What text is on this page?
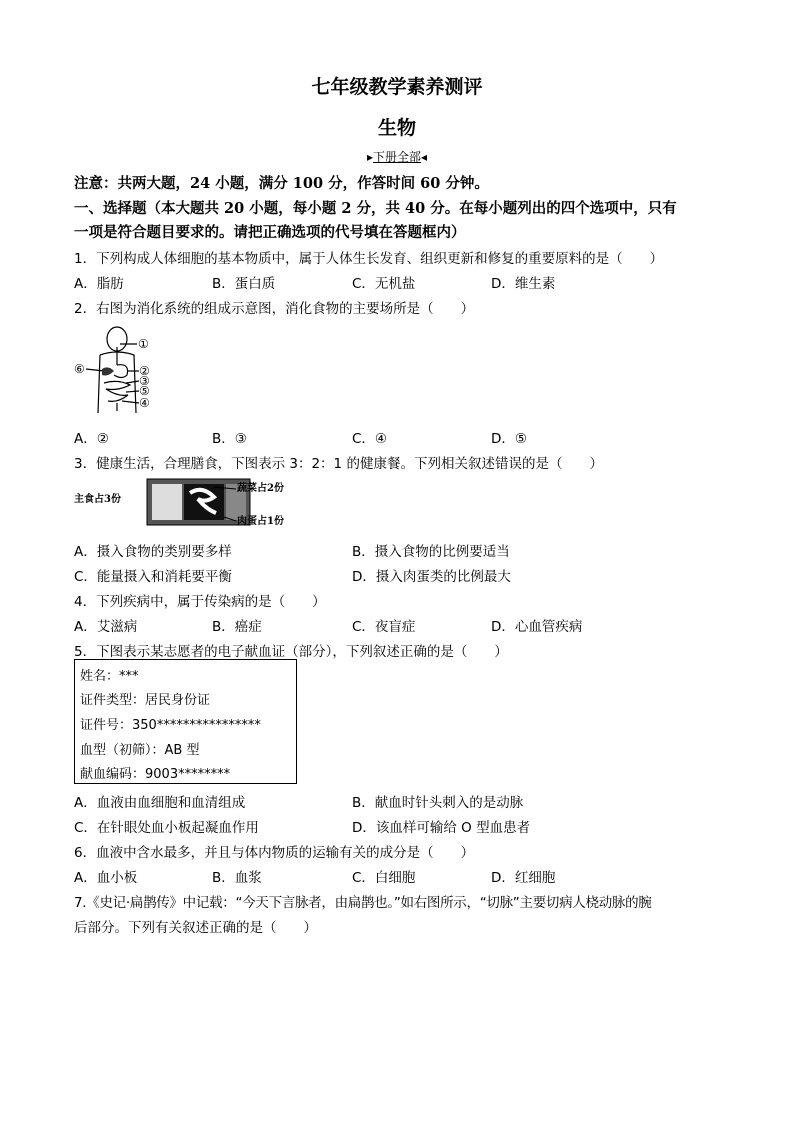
七年级教学素养测评
生物
▸下册全部◂
注意：共两大题，24 小题，满分 100 分，作答时间 60 分钟。
一、选择题（本大题共 20 小题，每小题 2 分，共 40 分。在每小题列出的四个选项中，只有
一项是符合题目要求的。请把正确选项的代号填在答题框内）
1．下列构成人体细胞的基本物质中，属于人体生长发育、组织更新和修复的重要原料的是（　　）
A．脂肪	B．蛋白质	C．无机盐	D．维生素
2．右图为消化系统的组成示意图，消化食物的主要场所是（　　）
①
②
③
⑤
④
⑥
A．②	B．③	C．④	D．⑤
3．健康生活，合理膳食，下图表示 3：2：1 的健康餐。下列相关叙述错误的是（　　）
主食占3份
蔬菜占2份
肉蛋占1份
A．摄入食物的类别要多样	B．摄入食物的比例要适当
C．能量摄入和消耗要平衡	D．摄入肉蛋类的比例最大
4．下列疾病中，属于传染病的是（　　）
A．艾滋病	B．癌症	C．夜盲症	D．心血管疾病
5．下图表示某志愿者的电子献血证（部分），下列叙述正确的是（　　）
姓名：***
证件类型：居民身份证
证件号：350****************
血型（初筛）：AB 型
献血编码：9003********
A．血液由血细胞和血清组成	B．献血时针头刺入的是动脉
C．在针眼处血小板起凝血作用	D．该血样可输给 O 型血患者
6．血液中含水最多，并且与体内物质的运输有关的成分是（　　）
A．血小板	B．血浆	C．白细胞	D．红细胞
7.《史记·扁鹊传》中记载：“今天下言脉者，由扁鹊也。”如右图所示，“切脉”主要切病人桡动脉的腕
后部分。下列有关叙述正确的是（　　）
